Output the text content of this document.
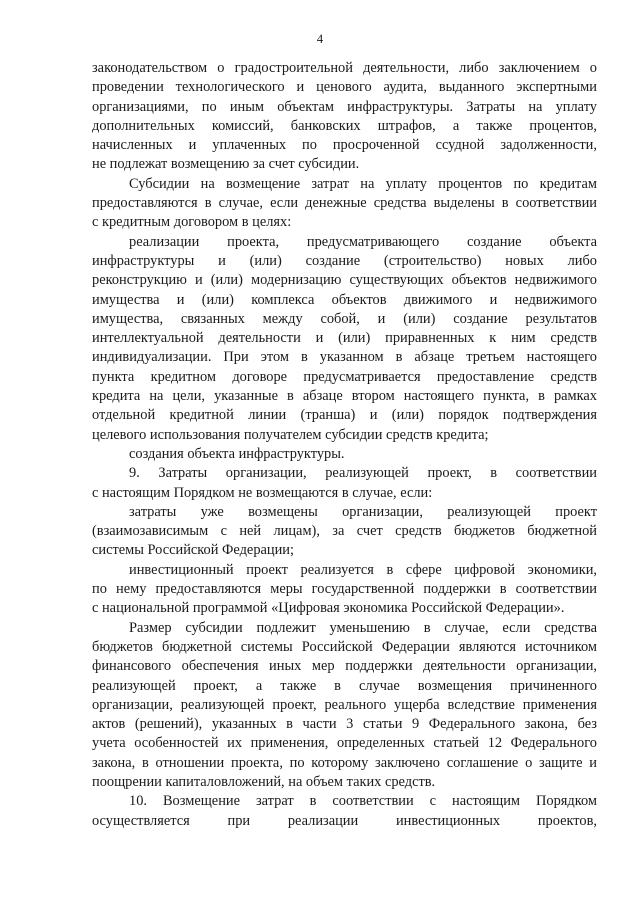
4
законодательством о градостроительной деятельности, либо заключением о
проведении технологического и ценового аудита, выданного экспертными
организациями, по иным объектам инфраструктуры. Затраты на уплату
дополнительных комиссий, банковских штрафов, а также процентов,
начисленных и уплаченных по просроченной ссудной задолженности,
не подлежат возмещению за счет субсидии.
Субсидии на возмещение затрат на уплату процентов по кредитам
предоставляются в случае, если денежные средства выделены в соответствии
с кредитным договором в целях:
реализации проекта, предусматривающего создание объекта
инфраструктуры и (или) создание (строительство) новых либо
реконструкцию и (или) модернизацию существующих объектов недвижимого
имущества и (или) комплекса объектов движимого и недвижимого
имущества, связанных между собой, и (или) создание результатов
интеллектуальной деятельности и (или) приравненных к ним средств
индивидуализации. При этом в указанном в абзаце третьем настоящего
пункта кредитном договоре предусматривается предоставление средств
кредита на цели, указанные в абзаце втором настоящего пункта, в рамках
отдельной кредитной линии (транша) и (или) порядок подтверждения
целевого использования получателем субсидии средств кредита;
создания объекта инфраструктуры.
9. Затраты организации, реализующей проект, в соответствии
с настоящим Порядком не возмещаются в случае, если:
затраты уже возмещены организации, реализующей проект
(взаимозависимым с ней лицам), за счет средств бюджетов бюджетной
системы Российской Федерации;
инвестиционный проект реализуется в сфере цифровой экономики,
по нему предоставляются меры государственной поддержки в соответствии
с национальной программой «Цифровая экономика Российской Федерации».
Размер субсидии подлежит уменьшению в случае, если средства
бюджетов бюджетной системы Российской Федерации являются источником
финансового обеспечения иных мер поддержки деятельности организации,
реализующей проект, а также в случае возмещения причиненного
организации, реализующей проект, реального ущерба вследствие применения
актов (решений), указанных в части 3 статьи 9 Федерального закона, без
учета особенностей их применения, определенных статьей 12 Федерального
закона, в отношении проекта, по которому заключено соглашение о защите и
поощрении капиталовложений, на объем таких средств.
10. Возмещение затрат в соответствии с настоящим Порядком
осуществляется при реализации инвестиционных проектов,
